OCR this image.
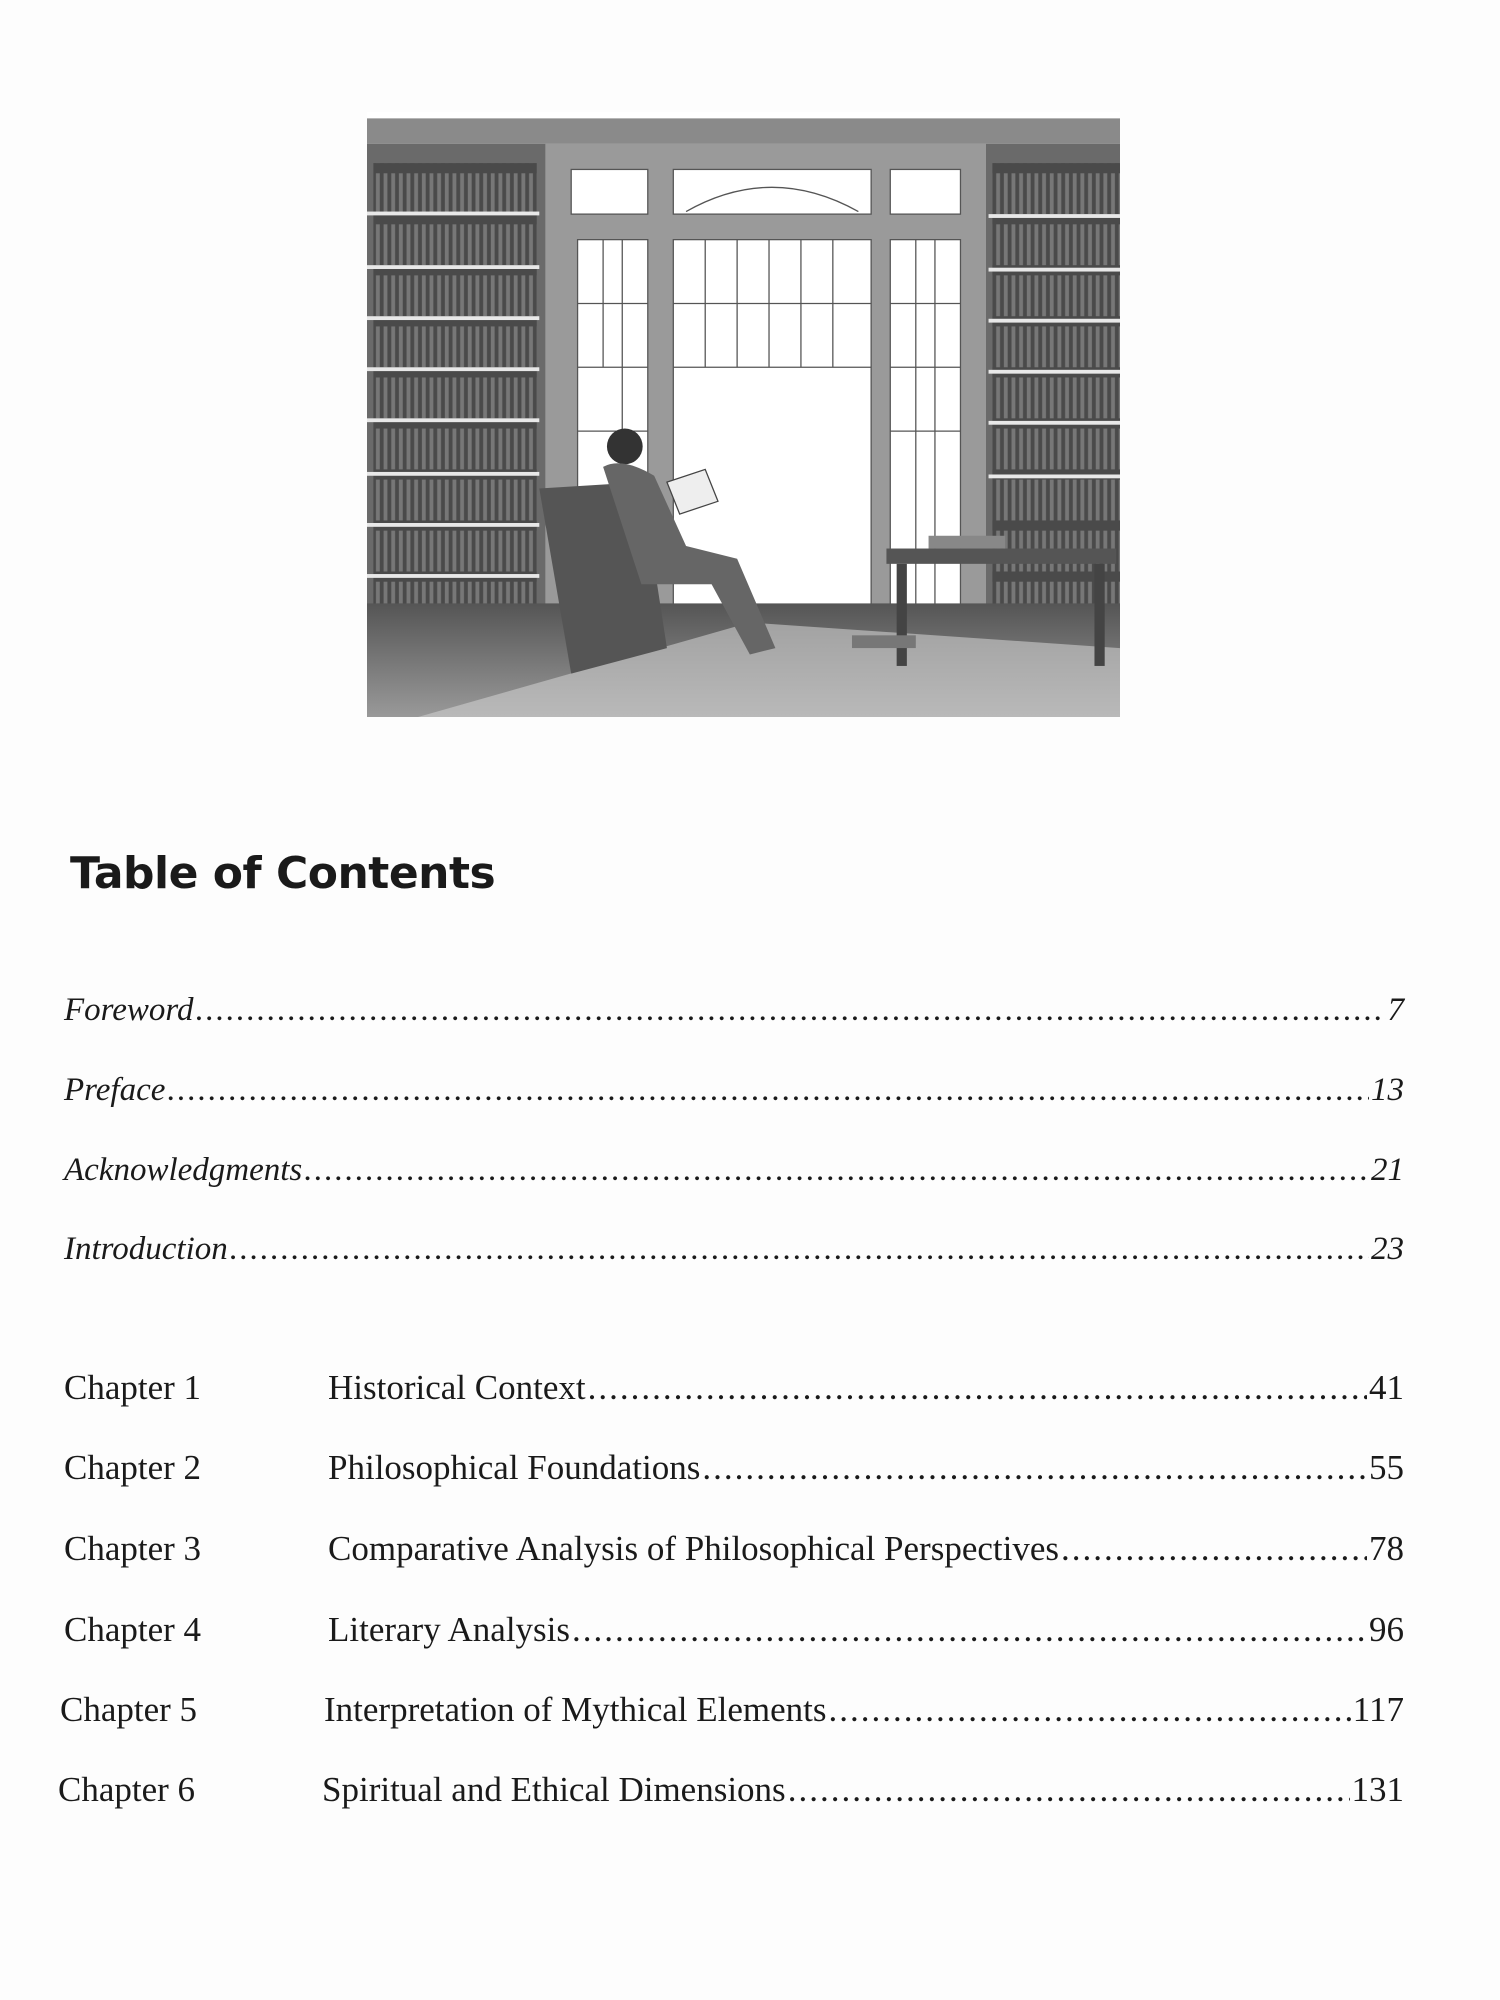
Table of Contents
Foreword .....	7
Preface .....	13
Acknowledgments .....	21
Introduction .....	23
Chapter 1	Historical Context .....	41
Chapter 2	Philosophical Foundations .....	55
Chapter 3	Comparative Analysis of Philosophical Perspectives .....	78
Chapter 4	Literary Analysis .....	96
Chapter 5	Interpretation of Mythical Elements .....	117
Chapter 6	Spiritual and Ethical Dimensions .....	131
